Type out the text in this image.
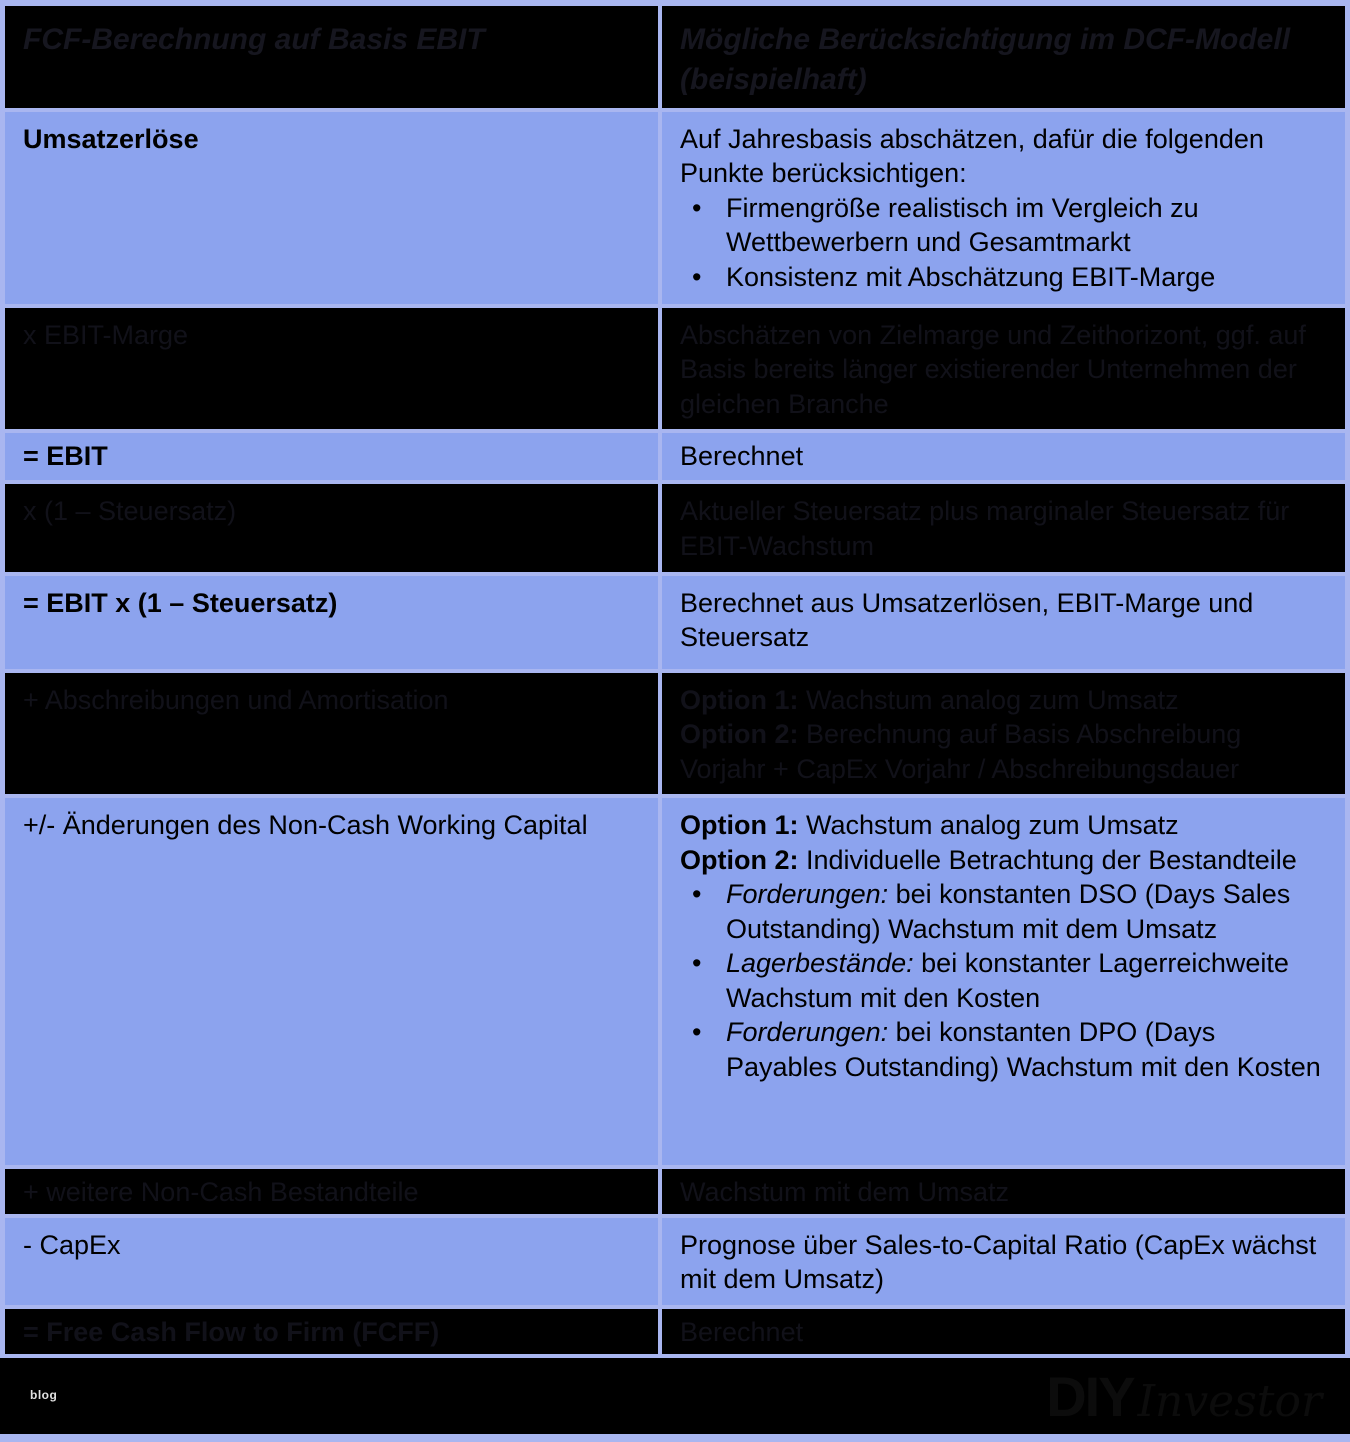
FCF-Berechnung auf Basis EBIT	Mögliche Berücksichtigung im DCF-Modell (beispielhaft)
Umsatzerlöse	Auf Jahresbasis abschätzen, dafür die folgenden Punkte berücksichtigen:
• Firmengröße realistisch im Vergleich zu Wettbewerbern und Gesamtmarkt
• Konsistenz mit Abschätzung EBIT-Marge
x EBIT-Marge	Abschätzen von Zielmarge und Zeithorizont, ggf. auf Basis bereits länger existierender Unternehmen der gleichen Branche
= EBIT	Berechnet
x (1 – Steuersatz)	Aktueller Steuersatz plus marginaler Steuersatz für EBIT-Wachstum
= EBIT x (1 – Steuersatz)	Berechnet aus Umsatzerlösen, EBIT-Marge und Steuersatz
+ Abschreibungen und Amortisation	Option 1: Wachstum analog zum Umsatz
Option 2: Berechnung auf Basis Abschreibung Vorjahr + CapEx Vorjahr / Abschreibungsdauer
+/- Änderungen des Non-Cash Working Capital	Option 1: Wachstum analog zum Umsatz
Option 2: Individuelle Betrachtung der Bestandteile
• Forderungen: bei konstanten DSO (Days Sales Outstanding) Wachstum mit dem Umsatz
• Lagerbestände: bei konstanter Lagerreichweite Wachstum mit den Kosten
• Forderungen: bei konstanten DPO (Days Payables Outstanding) Wachstum mit den Kosten
+ weitere Non-Cash Bestandteile	Wachstum mit dem Umsatz
- CapEx	Prognose über Sales-to-Capital Ratio (CapEx wächst mit dem Umsatz)
= Free Cash Flow to Firm (FCFF)	Berechnet
blog	DIY Investor
